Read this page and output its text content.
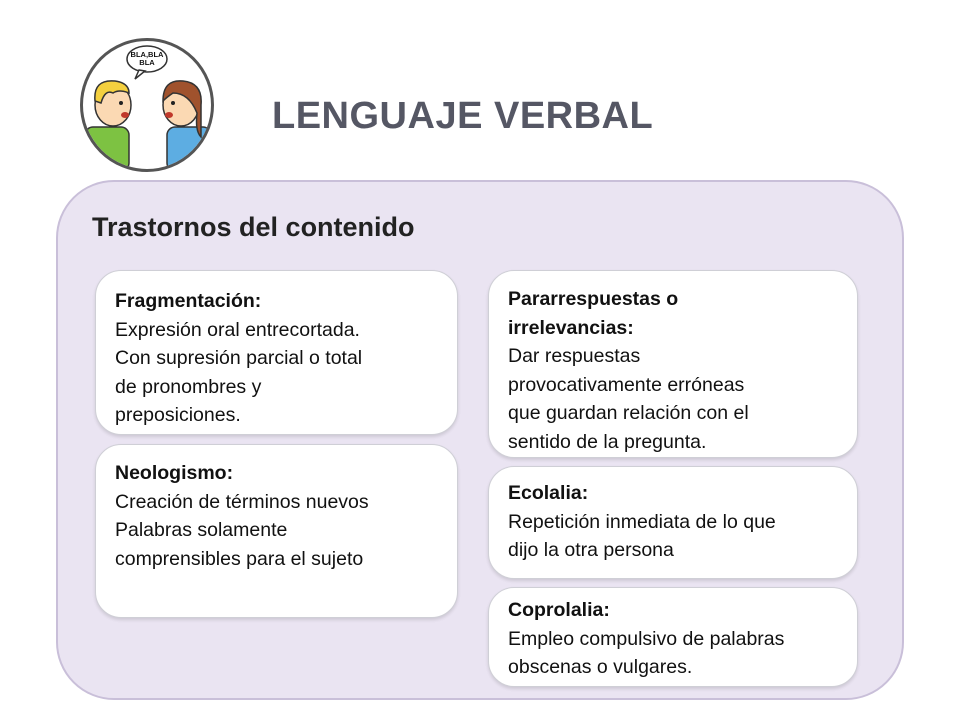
BLA,BLA
BLA
LENGUAJE VERBAL
Trastornos del contenido
Fragmentación:
Expresión oral entrecortada.
Con supresión parcial o total
de pronombres y
preposiciones.
Neologismo:
Creación de términos nuevos
Palabras solamente
comprensibles para el sujeto
Pararrespuestas o
irrelevancias:
Dar respuestas
provocativamente erróneas
que guardan relación con el
sentido de la pregunta.
Ecolalia:
Repetición inmediata de lo que
dijo la otra persona
Coprolalia:
Empleo compulsivo de palabras
obscenas o vulgares.
